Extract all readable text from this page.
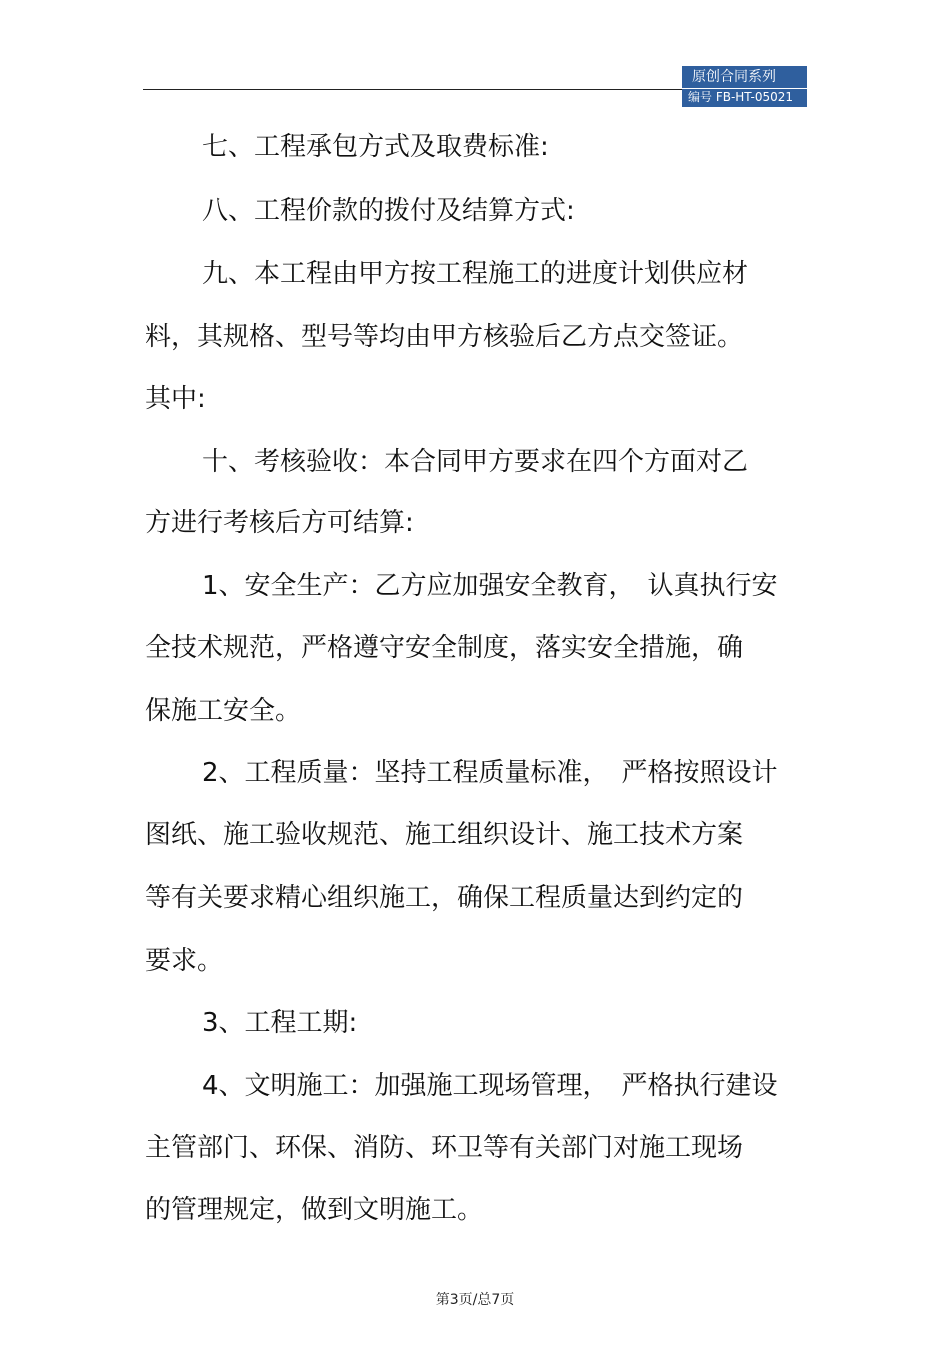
原创合同系列
编号 FB-HT-05021
七、工程承包方式及取费标准:
八、工程价款的拨付及结算方式:
九、本工程由甲方按工程施工的进度计划供应材
料，其规格、型号等均由甲方核验后乙方点交签证。
其中:
十、考核验收：本合同甲方要求在四个方面对乙
方进行考核后方可结算:
1、安全生产：乙方应加强安全教育，　认真执行安
全技术规范，严格遵守安全制度，落实安全措施，确
保施工安全。
2、工程质量：坚持工程质量标准，　严格按照设计
图纸、施工验收规范、施工组织设计、施工技术方案
等有关要求精心组织施工，确保工程质量达到约定的
要求。
3、工程工期:
4、文明施工：加强施工现场管理，　严格执行建设
主管部门、环保、消防、环卫等有关部门对施工现场
的管理规定，做到文明施工。
第3页/总7页
